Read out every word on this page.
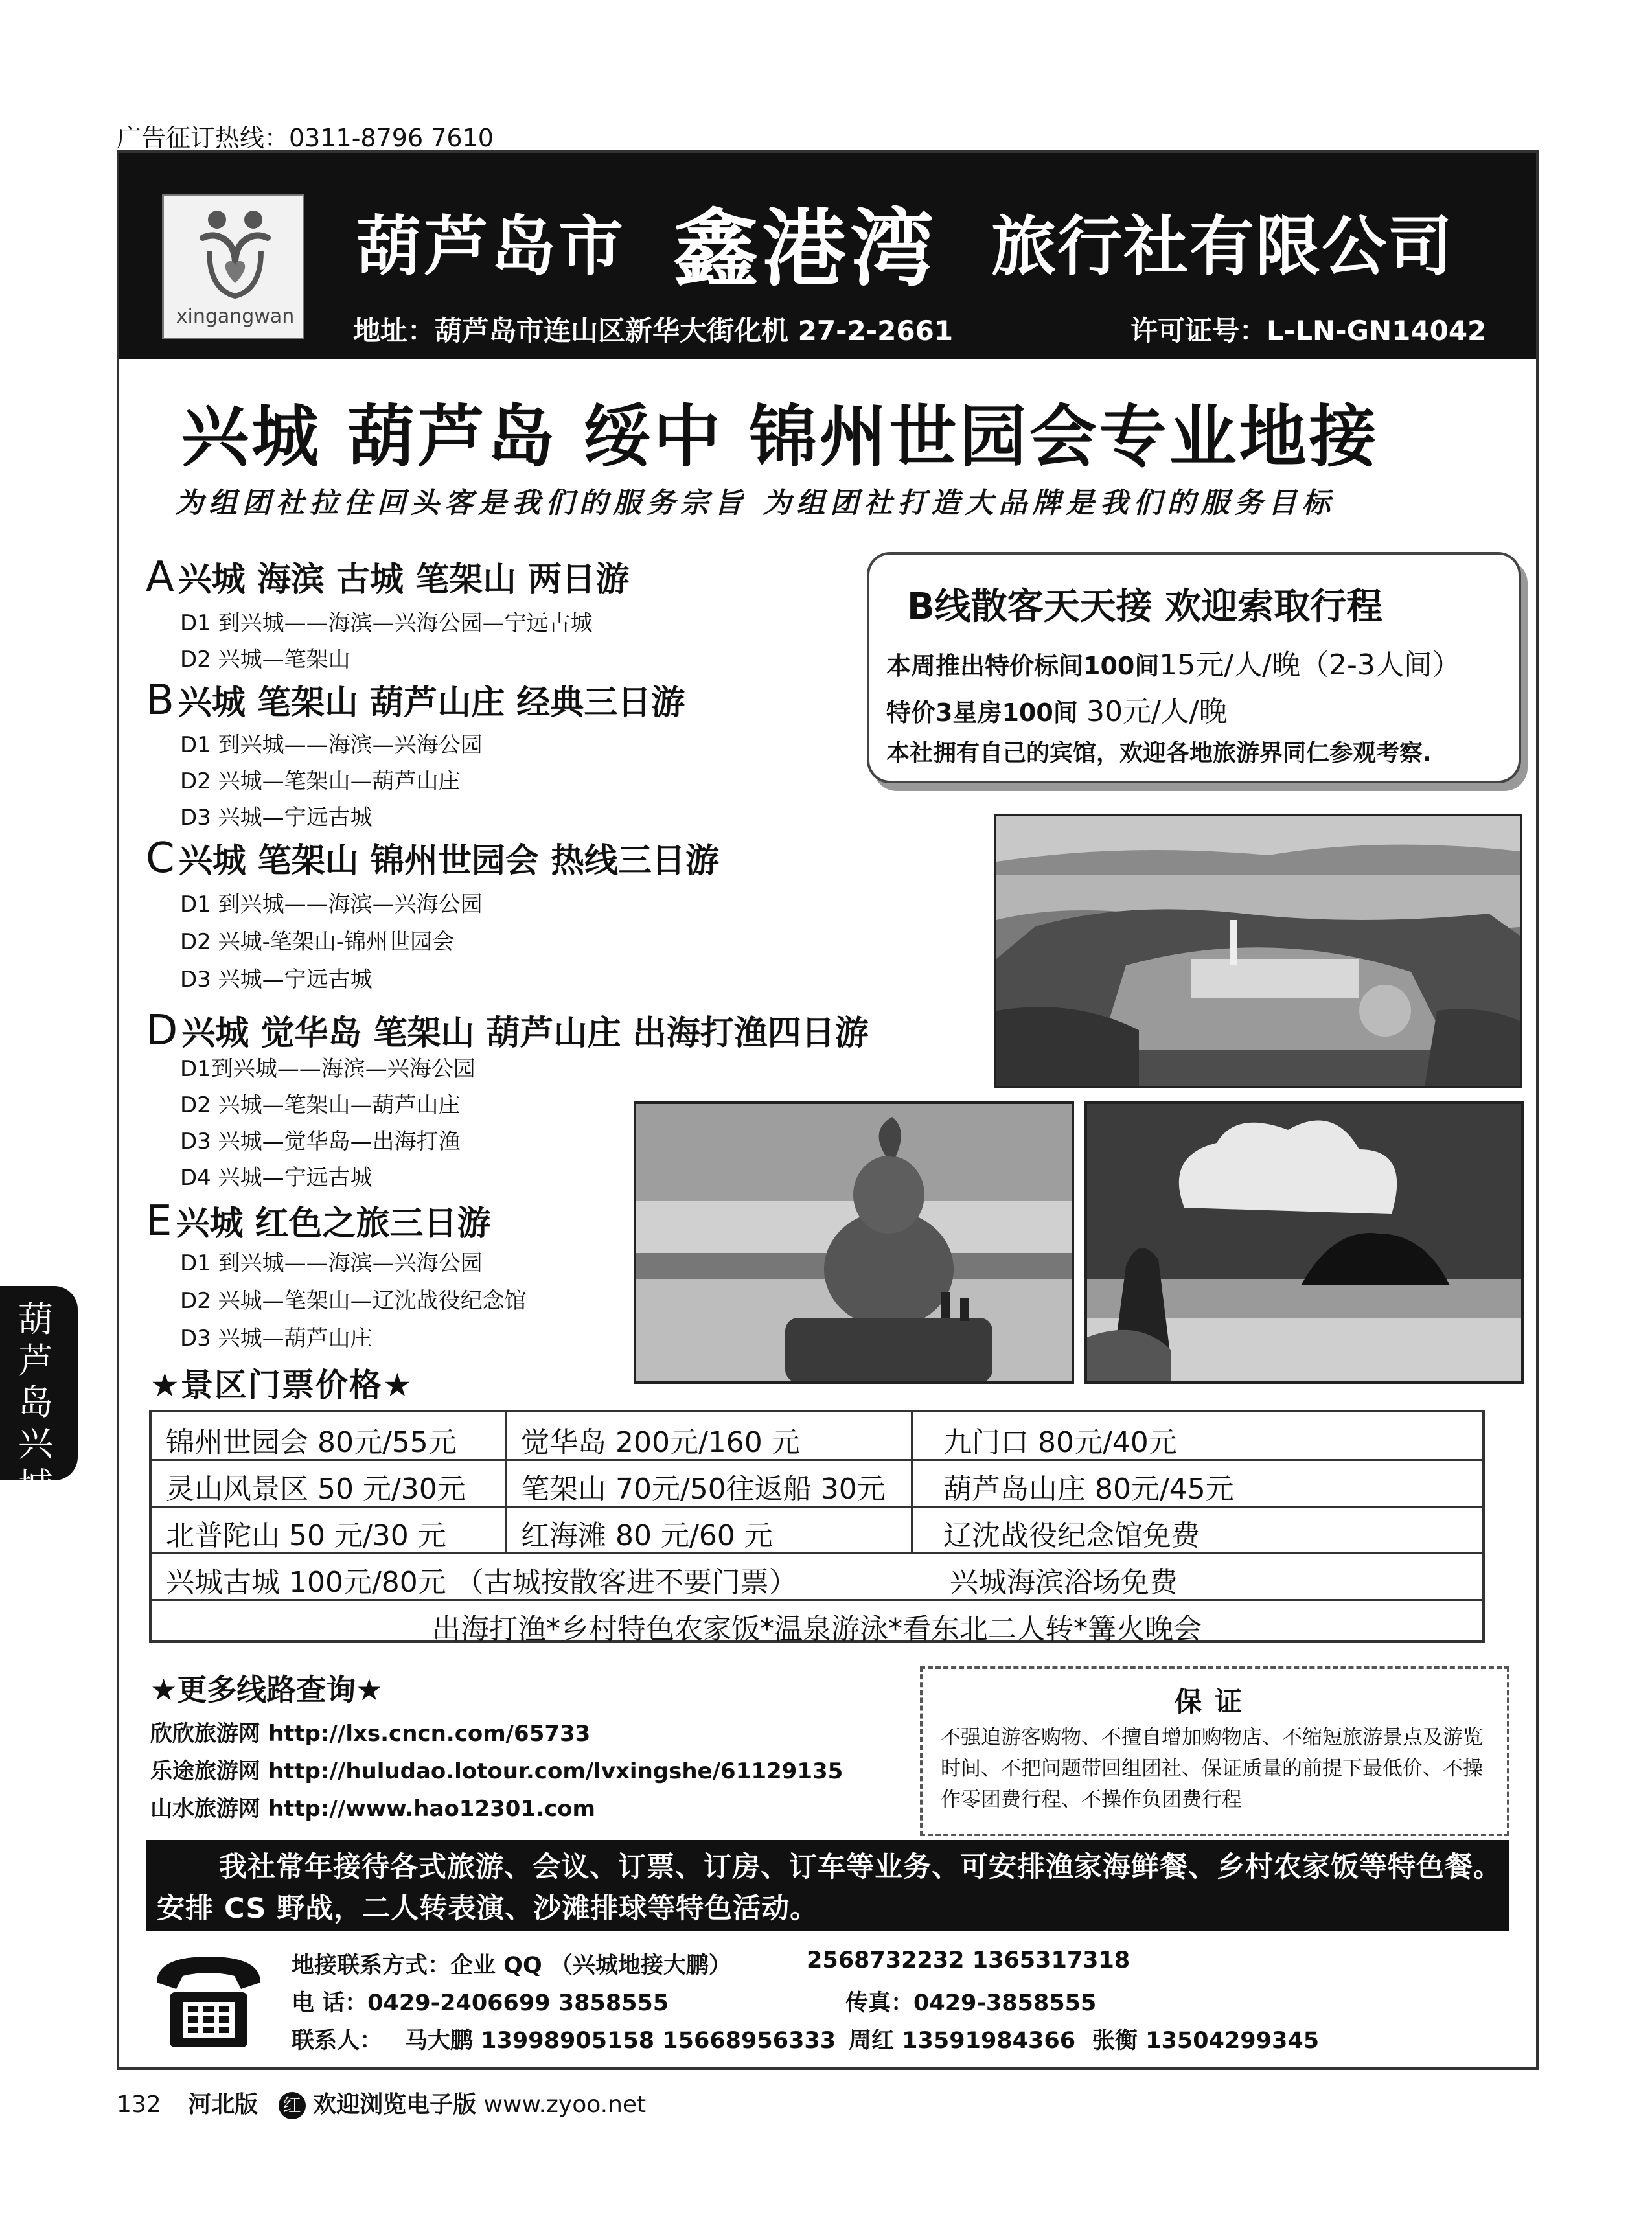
广告征订热线：0311-8796 7610
xingangwan
葫芦岛市 鑫港湾 旅行社有限公司
地址：葫芦岛市连山区新华大街化机 27-2-2661	许可证号：L-LN-GN14042
兴城 葫芦岛 绥中 锦州世园会专业地接
为组团社拉住回头客是我们的服务宗旨 为组团社打造大品牌是我们的服务目标
A 兴城 海滨 古城 笔架山 两日游
D1 到兴城——海滨—兴海公园—宁远古城
D2 兴城—笔架山
B 兴城 笔架山 葫芦山庄 经典三日游
D1 到兴城——海滨—兴海公园
D2 兴城—笔架山—葫芦山庄
D3 兴城—宁远古城
C 兴城 笔架山 锦州世园会 热线三日游
D1 到兴城——海滨—兴海公园
D2 兴城-笔架山-锦州世园会
D3 兴城—宁远古城
D 兴城 觉华岛 笔架山 葫芦山庄 出海打渔四日游
D1到兴城——海滨—兴海公园
D2 兴城—笔架山—葫芦山庄
D3 兴城—觉华岛—出海打渔
D4 兴城—宁远古城
E 兴城 红色之旅三日游
D1 到兴城——海滨—兴海公园
D2 兴城—笔架山—辽沈战役纪念馆
D3 兴城—葫芦山庄
B线散客天天接 欢迎索取行程
本周推出特价标间100间15元/人/晚（2-3人间）
特价3星房100间 30元/人/晚
本社拥有自己的宾馆，欢迎各地旅游界同仁参观考察.
★景区门票价格★
锦州世园会 80元/55元 觉华岛 200元/160 元	九门口 80元/40元
灵山风景区 50 元/30元 笔架山 70元/50往返船 30元 葫芦岛山庄 80元/45元
北普陀山 50 元/30 元	红海滩 80 元/60 元	辽沈战役纪念馆免费
兴城古城 100元/80元 （古城按散客进不要门票）	兴城海滨浴场免费
出海打渔*乡村特色农家饭*温泉游泳*看东北二人转*篝火晚会
★更多线路查询★
欣欣旅游网 http://lxs.cncn.com/65733
乐途旅游网 http://huludao.lotour.com/lvxingshe/61129135
山水旅游网 http://www.hao12301.com
保证
不强迫游客购物、不擅自增加购物店、不缩短旅游景点及游览时间、不把问题带回组团社、保证质量的前提下最低价、不操作零团费行程、不操作负团费行程
我社常年接待各式旅游、会议、订票、订房、订车等业务、可安排渔家海鲜餐、乡村农家饭等特色餐。安排 CS 野战，二人转表演、沙滩排球等特色活动。
地接联系方式：企业 QQ （兴城地接大鹏）	2568732232 1365317318
电 话：0429-2406699 3858555	传真：0429-3858555
联系人： 马大鹏 13998905158 15668956333 周红 13591984366 张衡 13504299345
132 河北版 红 欢迎浏览电子版 www.zyoo.net
葫芦岛兴城
